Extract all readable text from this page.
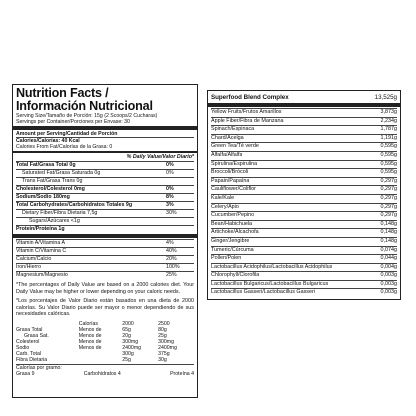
Nutrition Facts /
Información Nutricional
Serving Size/Tamaño de Porción: 15g (2 Scoops/2 Cucharas)
Servings per Container/Porciones per Envase: 30
Amount per Serving/Cantidad de Porción
Calories/Calorías: 40 Kcal
Calories From Fat/Calorías de la Grasa: 0
% Daily Value/Valor Diario*
Total Fat/Grasa Total 0g	0%
Saturated Fat/Grasa Saturada 0g	0%
Trans Fat/Grasa Trans 0g
Cholesterol/Colesterol 0mg	0%
Sodium/Sodio 180mg	8%
Total Carbohydrates/Carbohidratos Totales 9g	3%
Dietary Fiber/Fibra Dietaria 7,5g	30%
Sugars/Azúcares <1g
Protein/Proteína 1g
Vitamin A/Vitamina A	4%
Vitamin C/Vitamina C	40%
Calcium/Calcio	20%
Iron/Hierro	100%
Magnesium/Magnesio	25%
*The percentages of Daily Value are based on a 2000 calories diet. Your Daily Value may be higher or lower depending on your caloric needs.
*Los porcentajes de Valor Diario están basados en una dieta de 2000 calorías. Su Valor Diario puede ser mayor o menor dependiendo de sus necesidades calóricas.
	Calorías	2000	2500
Grasa Total	Menos de	65g	80g
Grasa Sat.	Menos de	20g	25g
Colesterol	Menos de	300mg	300mg
Sodio	Menos de	2400mg	2400mg
Carb. Total		300g	375g
Fibra Dietaria		25g	30g
Calorías por gramo:
Grasa 9	Carbohidratos 4	Proteína 4
Superfood Blend Complex	13,525g
Yellow Fruits/Frutos Amarillos	3,873g
Apple Fiber/Fibra de Manzana	2,234g
Spinach/Espinaca	1,787g
Chard/Acelga	1,191g
Green Tea/Té verde	0,595g
Alfalfa/Alfalfa	0,595g
Spirulina/Espirulina	0,595g
Broccoli/Brócoli	0,595g
Papain/Papaína	0,297g
Cauliflower/Coliflor	0,297g
Kale/Kale	0,297g
Celery/Apio	0,297g
Cucumber/Pepino	0,297g
Bean/Habichuela	0,148g
Artichoke/Alcachofa	0,148g
Ginger/Jengibre	0,148g
Tumeric/Cúrcuma	0,074g
Pollen/Polen	0,044g
Lactobacillus Acidophilus/Lactobacillus Acidophilus	0,004g
Chlorophyll/Clorofila	0,003g
Lactobacillus Bulgaricus/Lactobacillus Bulgaricus	0,003g
Lactobacillus Gasseri/Lactobacillus Gasseri	0,003g
